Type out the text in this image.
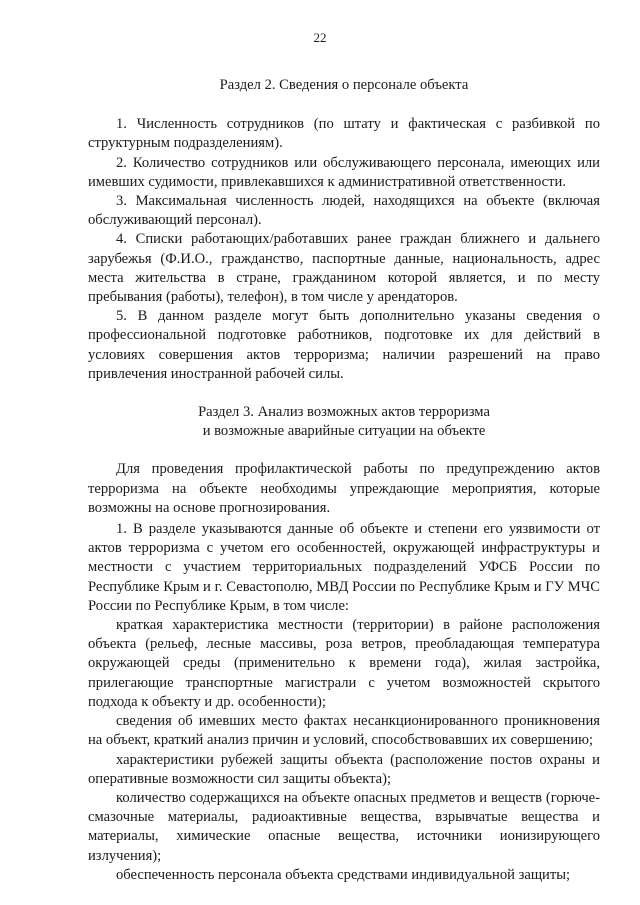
22
Раздел 2. Сведения о персонале объекта

1. Численность сотрудников (по штату и фактическая с разбивкой по структурным подразделениям).

2. Количество сотрудников или обслуживающего персонала, имеющих или имевших судимости, привлекавшихся к административной ответственности.

3. Максимальная численность людей, находящихся на объекте (включая обслуживающий персонал).

4. Списки работающих/работавших ранее граждан ближнего и дальнего зарубежья (Ф.И.О., гражданство, паспортные данные, национальность, адрес места жительства в стране, гражданином которой является, и по месту пребывания (работы), телефон), в том числе у арендаторов.

5. В данном разделе могут быть дополнительно указаны сведения о профессиональной подготовке работников, подготовке их для действий в условиях совершения актов терроризма; наличии разрешений на право привлечения иностранной рабочей силы.

Раздел 3. Анализ возможных актов терроризма
и возможные аварийные ситуации на объекте

Для проведения профилактической работы по предупреждению актов терроризма на объекте необходимы упреждающие мероприятия, которые возможны на основе прогнозирования.

1. В разделе указываются данные об объекте и степени его уязвимости от актов терроризма с учетом его особенностей, окружающей инфраструктуры и местности с участием территориальных подразделений УФСБ России по Республике Крым и г. Севастополю, МВД России по Республике Крым и ГУ МЧС России по Республике Крым, в том числе:

краткая характеристика местности (территории) в районе расположения объекта (рельеф, лесные массивы, роза ветров, преобладающая температура окружающей среды (применительно к времени года), жилая застройка, прилегающие транспортные магистрали с учетом возможностей скрытого подхода к объекту и др. особенности);

сведения об имевших место фактах несанкционированного проникновения на объект, краткий анализ причин и условий, способствовавших их совершению;

характеристики рубежей защиты объекта (расположение постов охраны и оперативные возможности сил защиты объекта);

количество содержащихся на объекте опасных предметов и веществ (горюче-смазочные материалы, радиоактивные вещества, взрывчатые вещества и материалы, химические опасные вещества, источники ионизирующего излучения);

обеспеченность персонала объекта средствами индивидуальной защиты;
